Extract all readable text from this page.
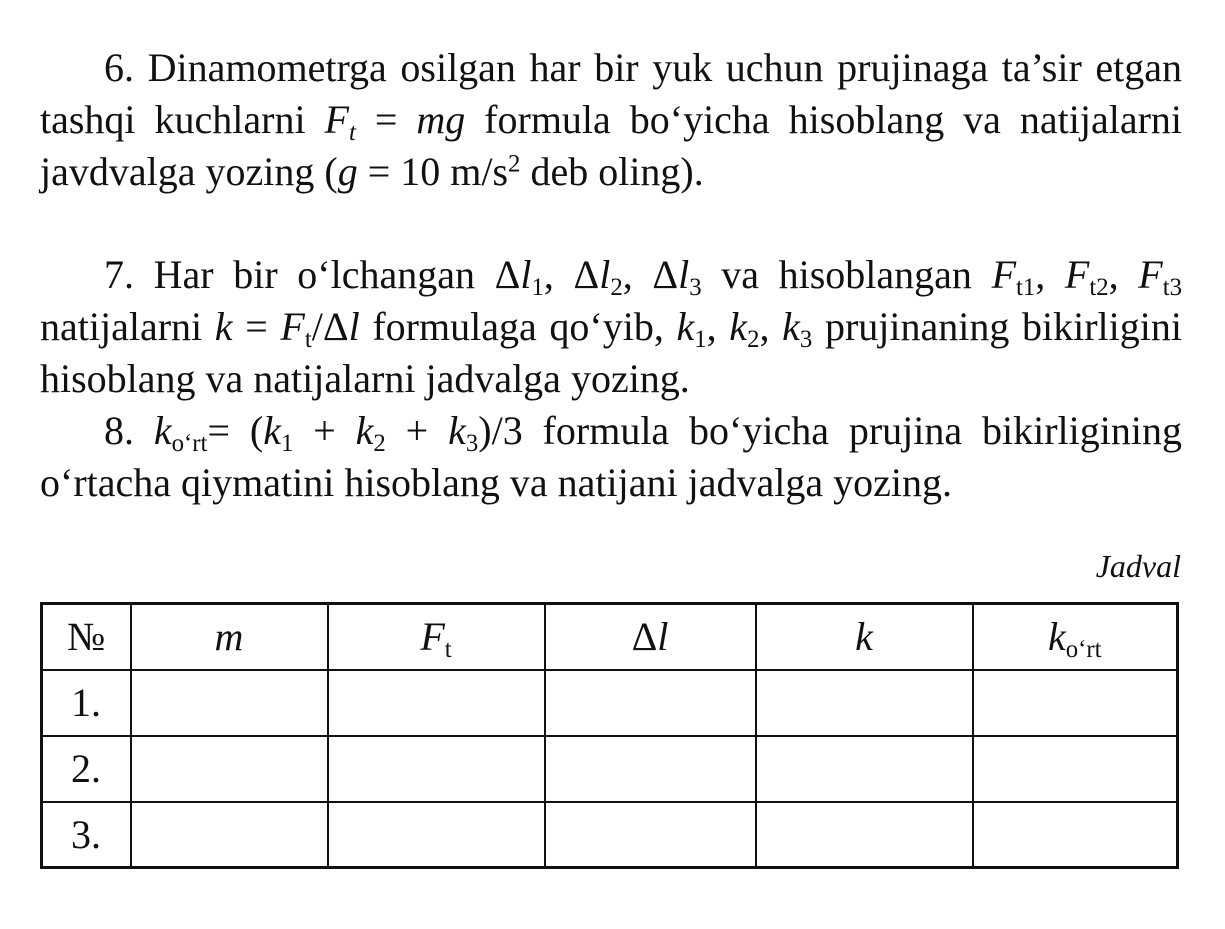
6. Dinamometrga osilgan har bir yuk uchun prujinaga ta’sir etgan tashqi kuchlarni $F_t$ = mg formula bo‘yicha hisoblang va natijalarni javdvalga yozing (g = 10 $m/s^2$ deb oling).
7. Har bir o‘lchangan $\Delta l_1$, $\Delta l_2$, $\Delta l_3$ va hisoblangan $F_{t1}$, $F_{t2}$, $F_{t3}$ natijalarni $k = F_t/\Delta l$ formulaga qo‘yib, $k_1$, $k_2$, $k_3$ prujinaning bikirligini hisoblang va natijalarni jadvalga yozing.
8. $k_{o‘rt}= (k_1 + k_2 + k_3)/3$ formula bo‘yicha prujina bikirligining o‘rtacha qiymatini hisoblang va natijani jadvalga yozing.
Jadval
№	m	$F_t$	Δl	k	$k_{o‘rt}$
1.					
2.					
3.					
